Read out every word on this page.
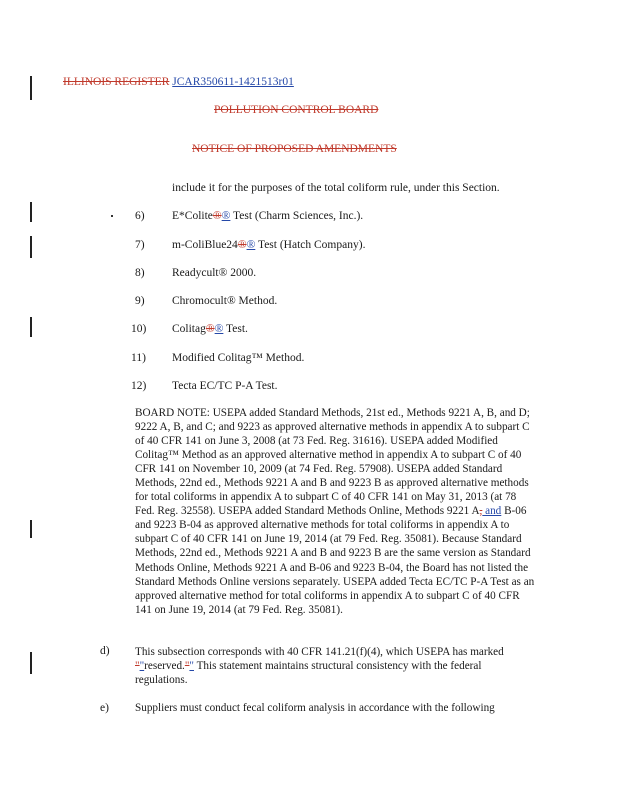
ILLINOIS REGISTER JCAR350611-1421513r01
POLLUTION CONTROL BOARD
NOTICE OF PROPOSED AMENDMENTS
include it for the purposes of the total coliform rule, under this Section.
6) E*Colite®® Test (Charm Sciences, Inc.).
7) m-ColiBlue24®® Test (Hatch Company).
8) Readycult® 2000.
9) Chromocult® Method.
10) Colitag®® Test.
11) Modified Colitag™ Method.
12) Tecta EC/TC P-A Test.
BOARD NOTE: USEPA added Standard Methods, 21st ed., Methods 9221 A, B, and D; 9222 A, B, and C; and 9223 as approved alternative methods in appendix A to subpart C of 40 CFR 141 on June 3, 2008 (at 73 Fed. Reg. 31616). USEPA added Modified Colitag™ Method as an approved alternative method in appendix A to subpart C of 40 CFR 141 on November 10, 2009 (at 74 Fed. Reg. 57908). USEPA added Standard Methods, 22nd ed., Methods 9221 A and B and 9223 B as approved alternative methods for total coliforms in appendix A to subpart C of 40 CFR 141 on May 31, 2013 (at 78 Fed. Reg. 32558). USEPA added Standard Methods Online, Methods 9221 A, and B-06 and 9223 B-04 as approved alternative methods for total coliforms in appendix A to subpart C of 40 CFR 141 on June 19, 2014 (at 79 Fed. Reg. 35081). Because Standard Methods, 22nd ed., Methods 9221 A and B and 9223 B are the same version as Standard Methods Online, Methods 9221 A and B-06 and 9223 B-04, the Board has not listed the Standard Methods Online versions separately. USEPA added Tecta EC/TC P-A Test as an approved alternative method for total coliforms in appendix A to subpart C of 40 CFR 141 on June 19, 2014 (at 79 Fed. Reg. 35081).
d) This subsection corresponds with 40 CFR 141.21(f)(4), which USEPA has marked ""reserved."" This statement maintains structural consistency with the federal regulations.
e) Suppliers must conduct fecal coliform analysis in accordance with the following
